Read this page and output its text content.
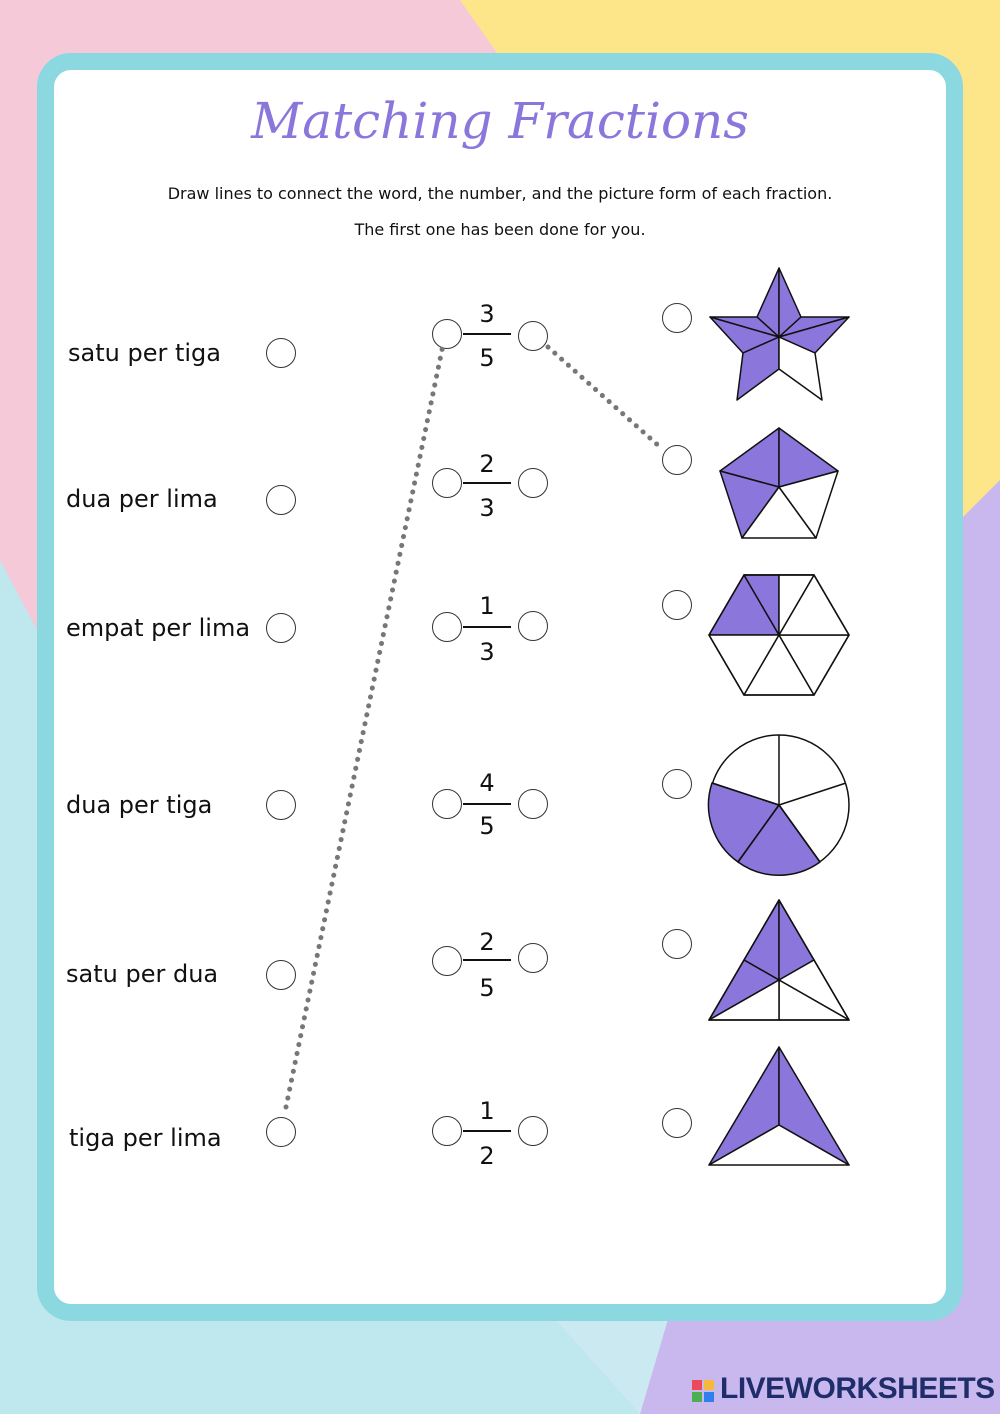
Matching Fractions
Draw lines to connect the word, the number, and the picture form of each fraction.
The first one has been done for you.
satu per tiga
dua per lima
empat per lima
dua per tiga
satu per dua
tiga per lima
3
5
2
3
1
3
4
5
2
5
1
2
LIVEWORKSHEETS
